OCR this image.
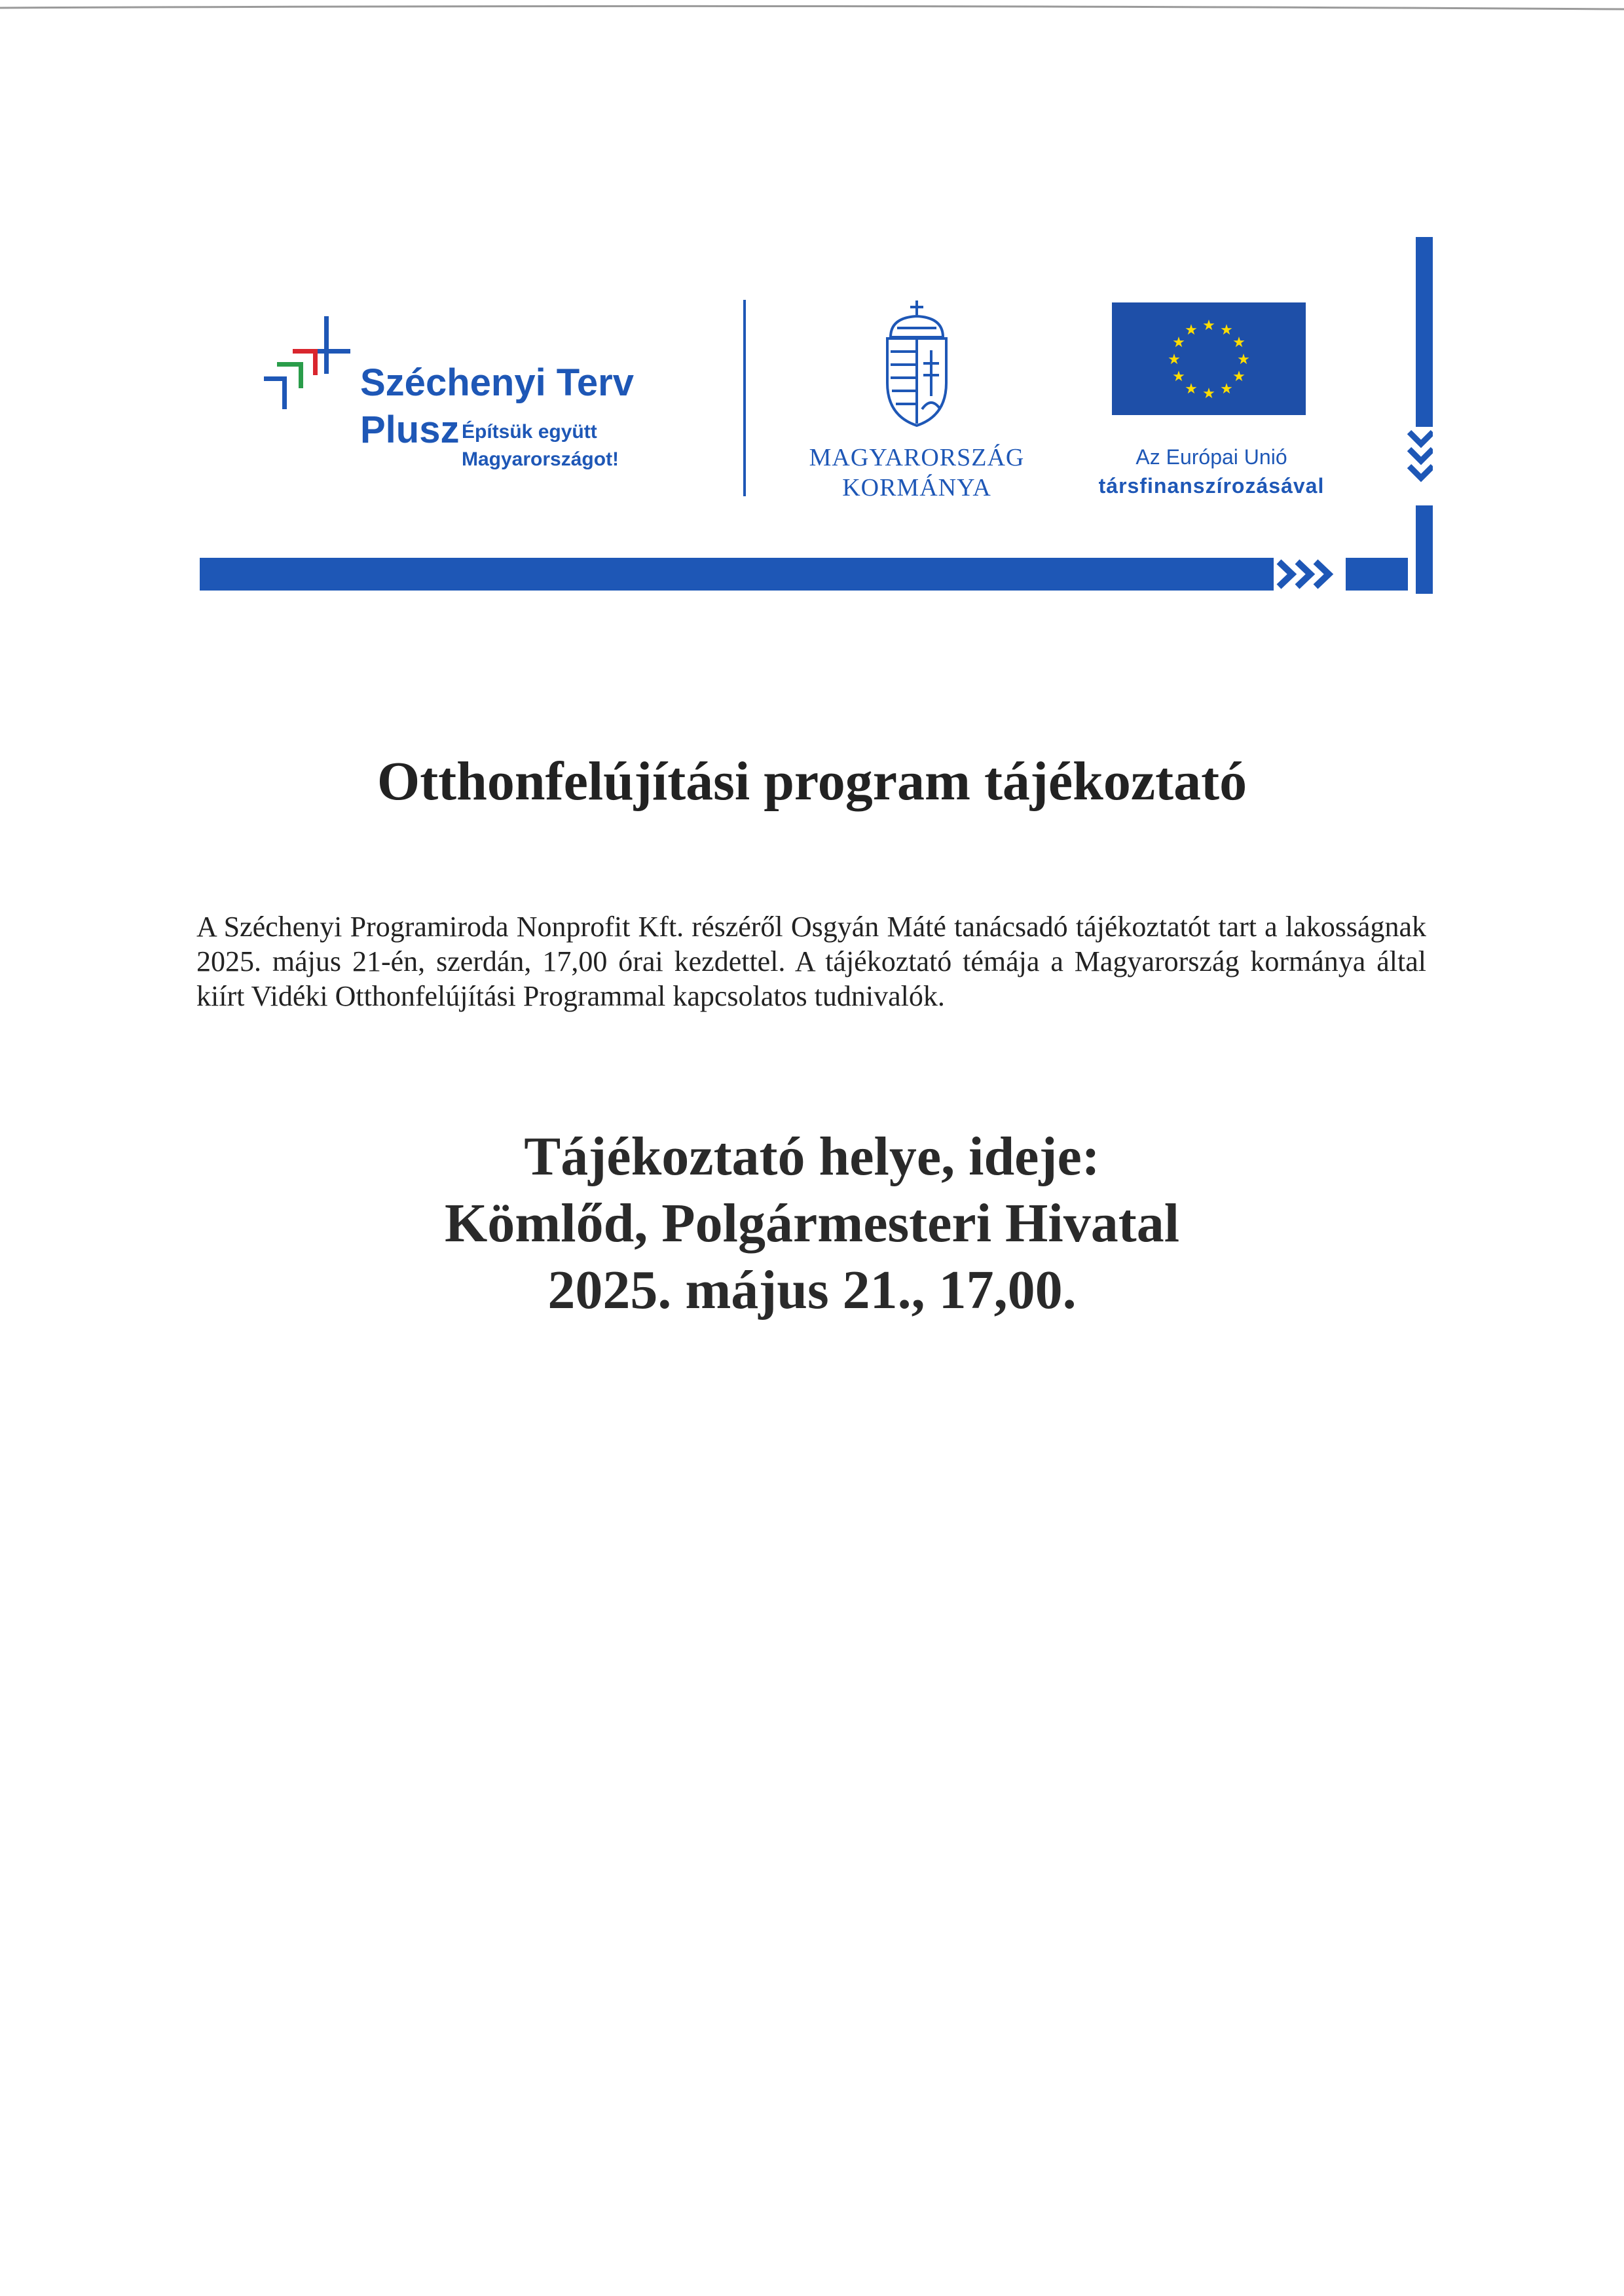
Széchenyi Terv
Plusz Építsük együtt
Magyarországot!	MAGYARORSZÁG
KORMÁNYA
★ ★
★
★
★
★
★
★
★
★
★
★
Az Európai Unió
társfinanszírozásával
Otthonfelújítási program tájékoztató
A Széchenyi Programiroda Nonprofit Kft. részéről Osgyán Máté tanácsadó tájékoztatót tart a lakosságnak 2025. május 21-én, szerdán, 17,00 órai kezdettel. A tájékoztató témája a Magyarország kormánya által kiírt Vidéki Otthonfelújítási Programmal kapcsolatos tudnivalók.
Tájékoztató helye, ideje:
Kömlőd, Polgármesteri Hivatal
2025. május 21., 17,00.
